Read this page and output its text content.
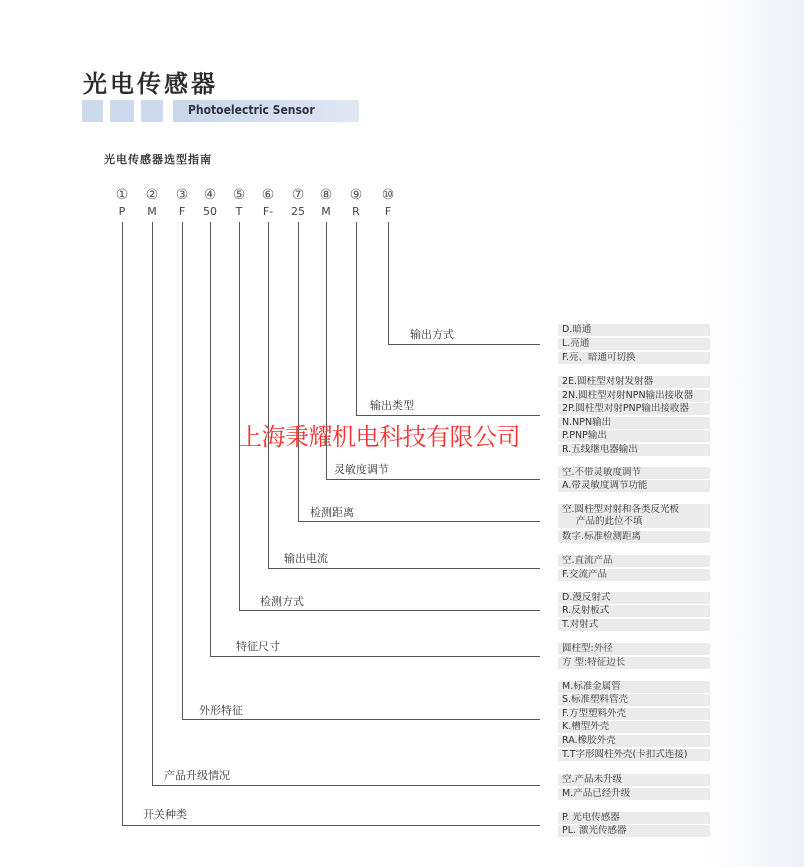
光电传感器
Photoelectric Sensor
光电传感器选型指南
①
P
②
M
③
F
④
50
⑤
T
⑥
F-
⑦
25
⑧
M
⑨
R
⑩
F
输出方式	D.暗通
L.亮通
F.亮、暗通可切换
输出类型
2E.圆柱型对射发射器
2N.圆柱型对射NPN输出接收器
2P.圆柱型对射PNP输出接收器
N.NPN输出
P.PNP输出
R.五线继电器输出
灵敏度调节	空.不带灵敏度调节
A.带灵敏度调节功能
检测距离	空.圆柱型对射和各类反光板
产品的此位不填
数字.标准检测距离
输出电流	空.直流产品
F.交流产品
检测方式	D.漫反射式
R.反射板式
T.对射式
特征尺寸	圆柱型:外径
方 型:特征边长
外形特征
M.标准金属管
S.标准塑料管壳
F.方型塑料外壳
K.槽型外壳
RA.橡胶外壳
T.T字形圆柱外壳(卡扣式连接)
产品升级情况	空.产品未升级
M.产品已经升级
开关种类	P. 光电传感器
PL. 激光传感器
上海秉耀机电科技有限公司
